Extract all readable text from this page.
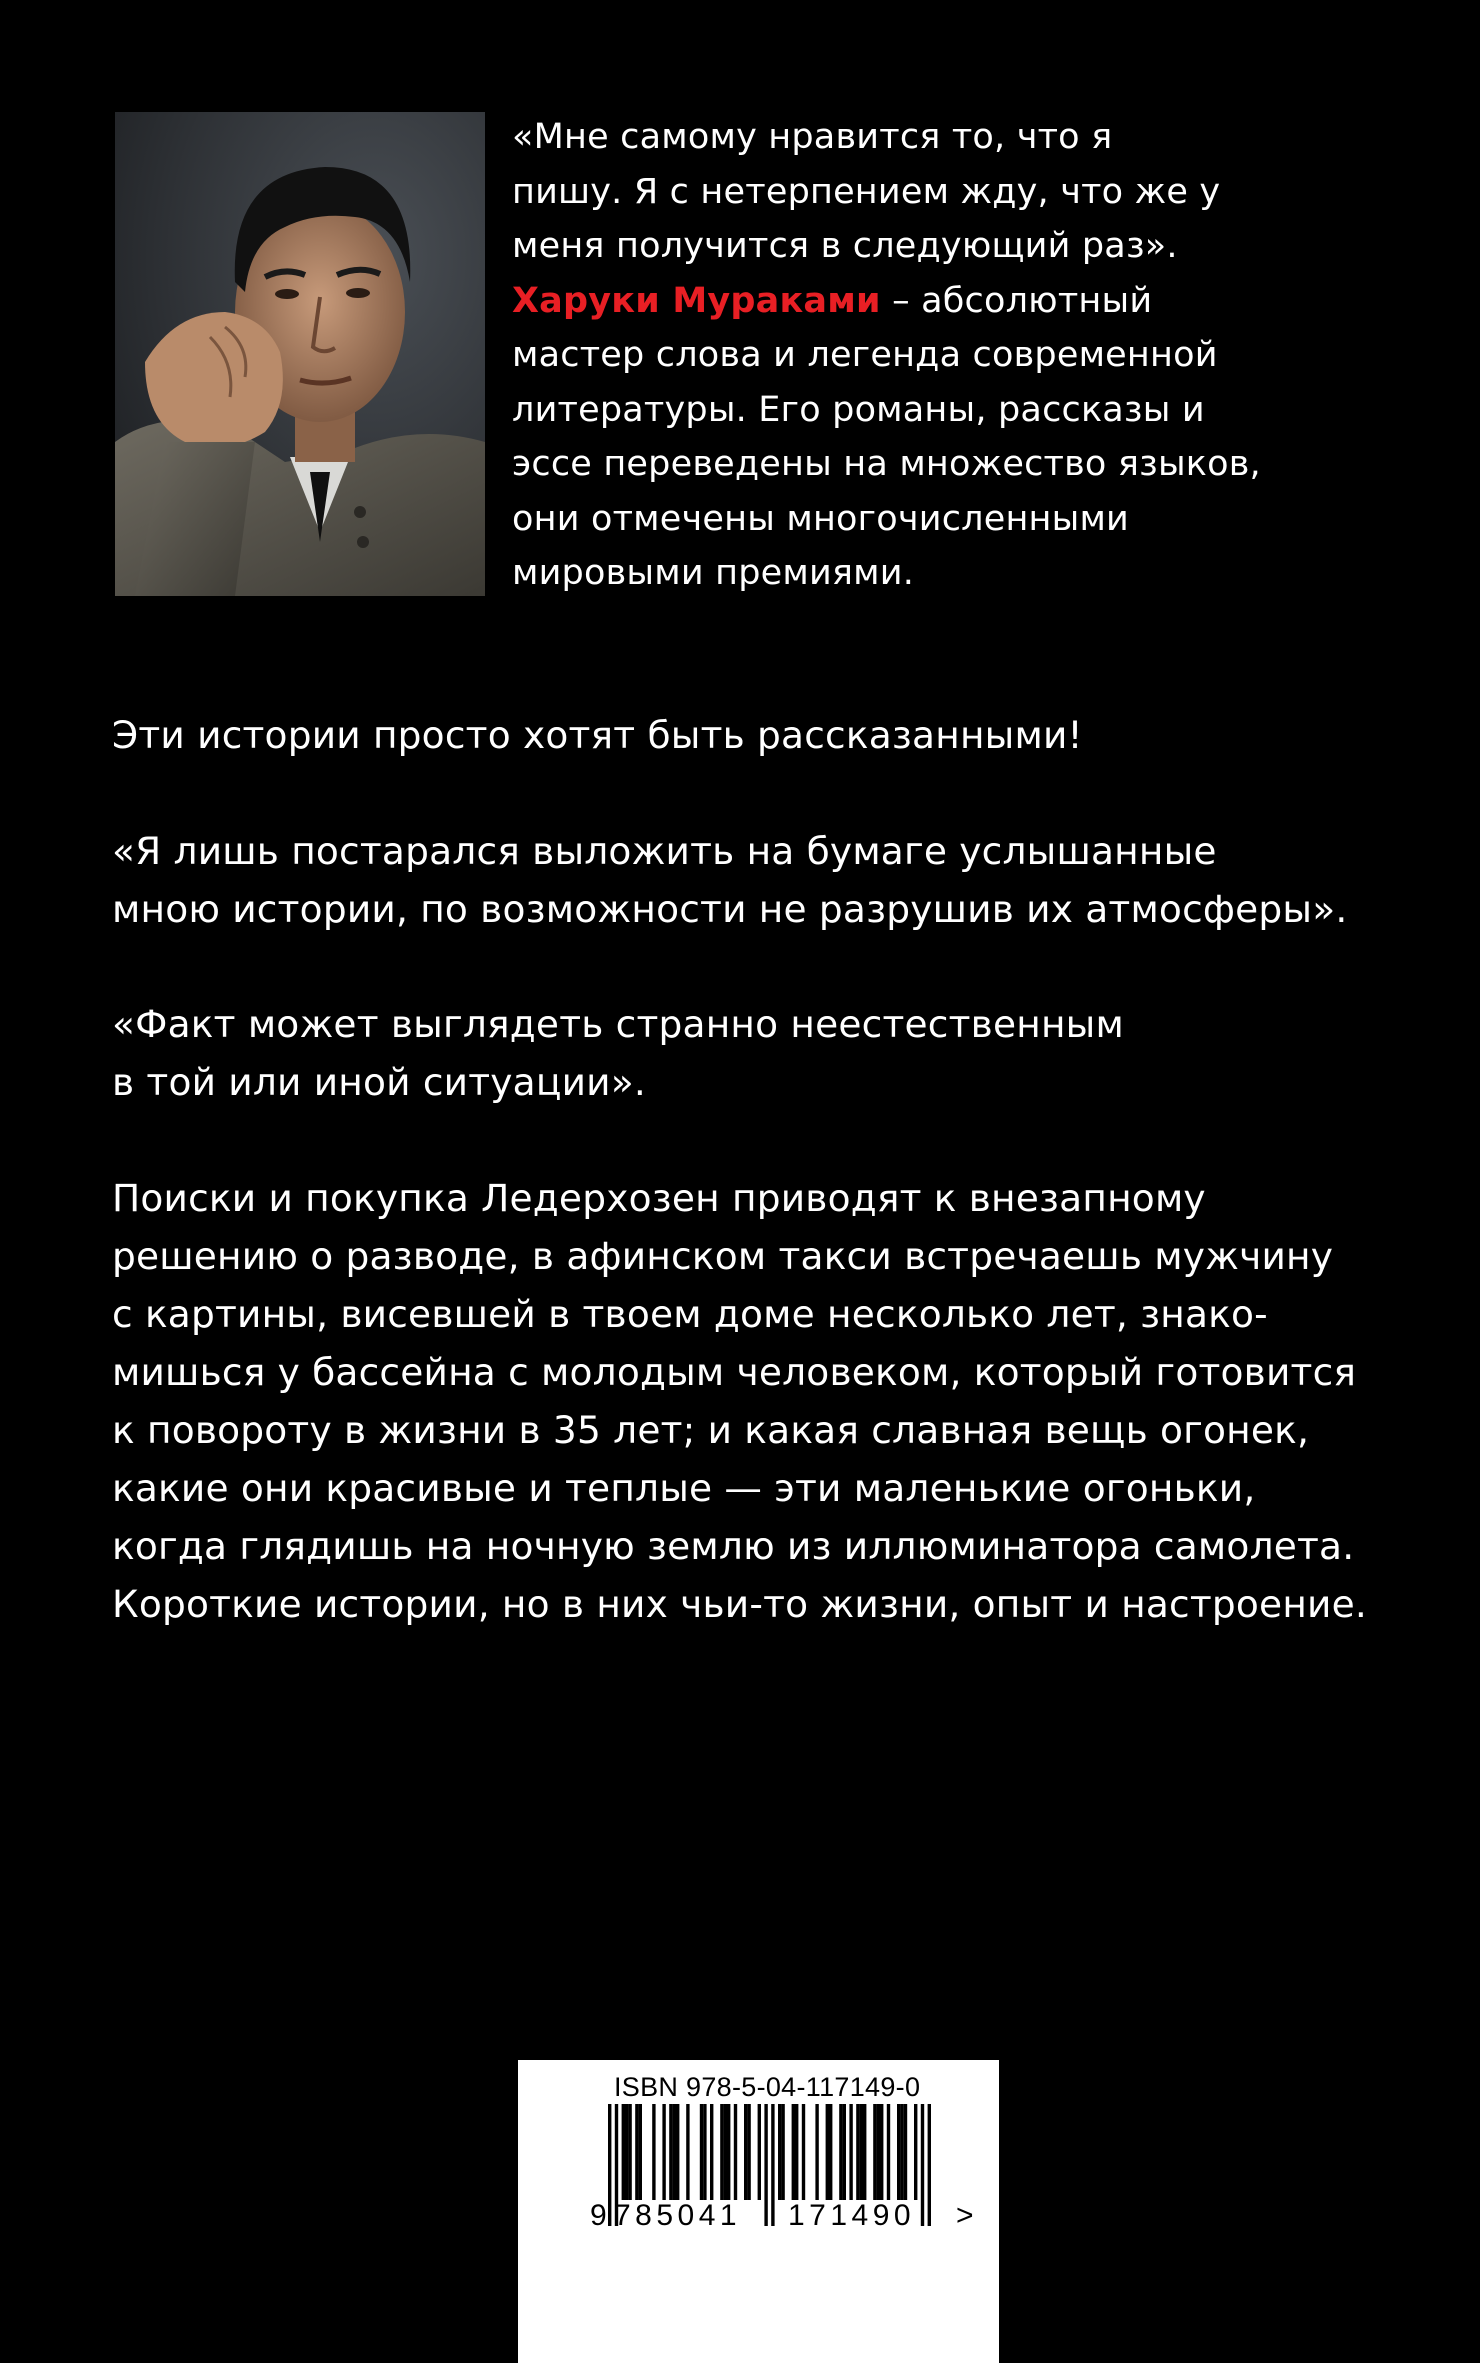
«Мне самому нравится то, что я
пишу. Я с нетерпением жду, что же у
меня получится в следующий раз».
Харуки Мураками – абсолютный
мастер слова и легенда современной
литературы. Его романы, рассказы и
эссе переведены на множество языков,
они отмечены многочисленными
мировыми премиями.

Эти истории просто хотят быть рассказанными!

«Я лишь постарался выложить на бумаге услышанные
мною истории, по возможности не разрушив их атмосферы».

«Факт может выглядеть странно неестественным
в той или иной ситуации».

Поиски и покупка Ледерхозен приводят к внезапному
решению о разводе, в афинском такси встречаешь мужчину
с картины, висевшей в твоем доме несколько лет, знако-
мишься у бассейна с молодым человеком, который готовится
к повороту в жизни в 35 лет; и какая славная вещь огонек,
какие они красивые и теплые — эти маленькие огоньки,
когда глядишь на ночную землю из иллюминатора самолета.
Короткие истории, но в них чьи-то жизни, опыт и настроение.

ISBN 978-5-04-117149-0
9 785041 171490 >
